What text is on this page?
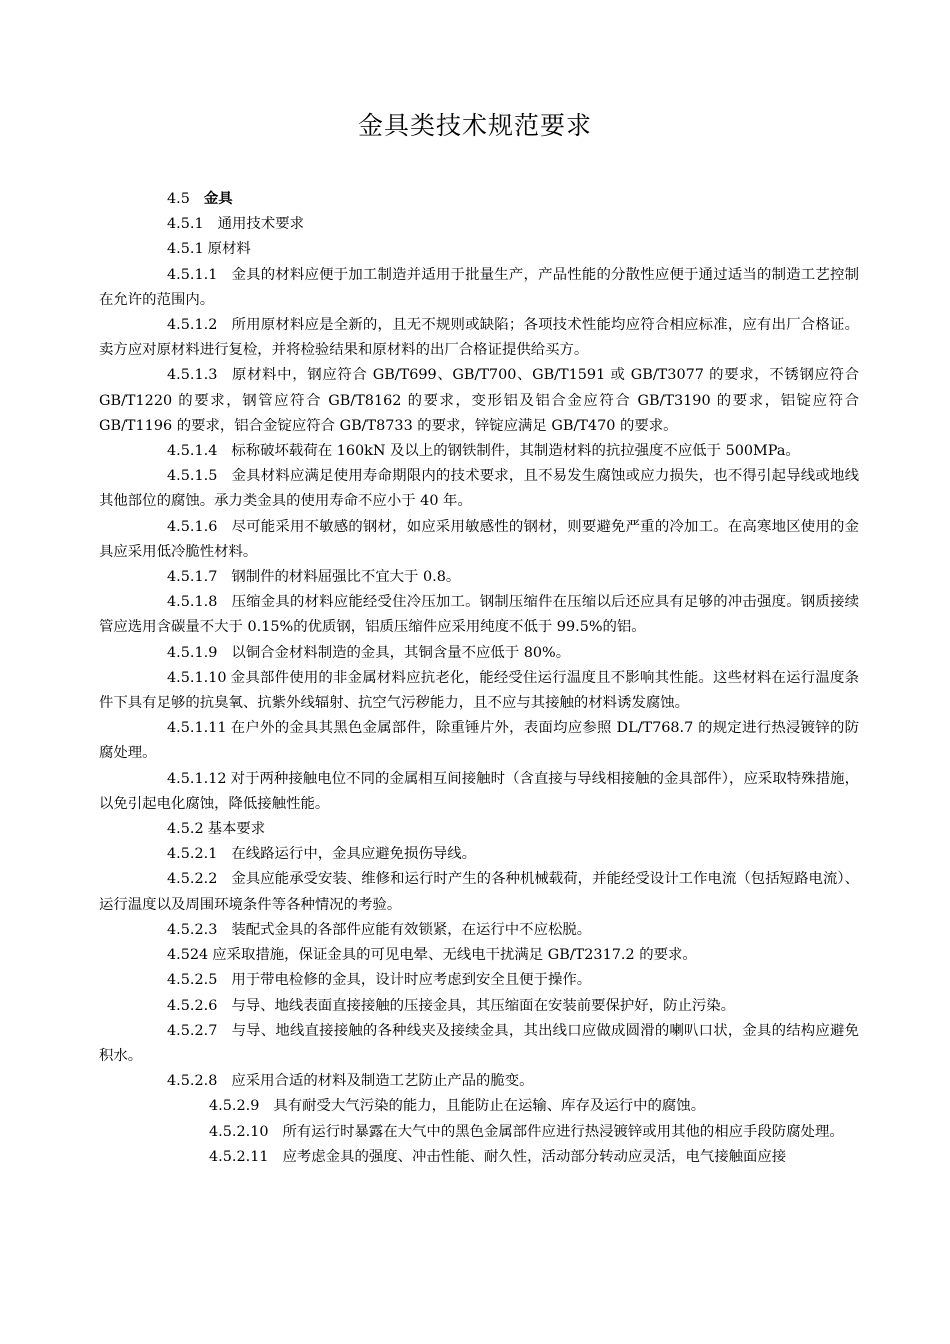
金具类技术规范要求

4.5 金具

4.5.1 通用技术要求

4.5.1 原材料

4.5.1.1 金具的材料应便于加工制造并适用于批量生产，产品性能的分散性应便于通过适当的制造工艺控制在允许的范围内。

4.5.1.2 所用原材料应是全新的，且无不规则或缺陷；各项技术性能均应符合相应标准，应有出厂合格证。卖方应对原材料进行复检，并将检验结果和原材料的出厂合格证提供给买方。

4.5.1.3 原材料中，钢应符合 GB/T699、GB/T700、GB/T1591 或 GB/T3077 的要求，不锈钢应符合 GB/T1220 的要求，钢管应符合 GB/T8162 的要求，变形铝及铝合金应符合 GB/T3190 的要求，铝锭应符合 GB/T1196 的要求，铝合金锭应符合 GB/T8733 的要求，锌锭应满足 GB/T470 的要求。

4.5.1.4 标称破坏载荷在 160kN 及以上的钢铁制件，其制造材料的抗拉强度不应低于 500MPa。

4.5.1.5 金具材料应满足使用寿命期限内的技术要求，且不易发生腐蚀或应力损失，也不得引起导线或地线其他部位的腐蚀。承力类金具的使用寿命不应小于 40 年。

4.5.1.6 尽可能采用不敏感的钢材，如应采用敏感性的钢材，则要避免严重的冷加工。在高寒地区使用的金具应采用低冷脆性材料。

4.5.1.7 钢制件的材料屈强比不宜大于 0.8。

4.5.1.8 压缩金具的材料应能经受住冷压加工。钢制压缩件在压缩以后还应具有足够的冲击强度。钢质接续管应选用含碳量不大于 0.15%的优质钢，铝质压缩件应采用纯度不低于 99.5%的铝。

4.5.1.9 以铜合金材料制造的金具，其铜含量不应低于 80%。

4.5.1.10 金具部件使用的非金属材料应抗老化，能经受住运行温度且不影响其性能。这些材料在运行温度条件下具有足够的抗臭氧、抗紫外线辐射、抗空气污秽能力，且不应与其接触的材料诱发腐蚀。

4.5.1.11 在户外的金具其黑色金属部件，除重锤片外，表面均应参照 DL/T768.7 的规定进行热浸镀锌的防腐处理。

4.5.1.12 对于两种接触电位不同的金属相互间接触时（含直接与导线相接触的金具部件），应采取特殊措施，以免引起电化腐蚀，降低接触性能。

4.5.2 基本要求

4.5.2.1 在线路运行中，金具应避免损伤导线。

4.5.2.2 金具应能承受安装、维修和运行时产生的各种机械载荷，并能经受设计工作电流（包括短路电流）、运行温度以及周围环境条件等各种情况的考验。

4.5.2.3 装配式金具的各部件应能有效锁紧，在运行中不应松脱。

4.524 应采取措施，保证金具的可见电晕、无线电干扰满足 GB/T2317.2 的要求。

4.5.2.5 用于带电检修的金具，设计时应考虑到安全且便于操作。

4.5.2.6 与导、地线表面直接接触的压接金具，其压缩面在安装前要保护好，防止污染。

4.5.2.7 与导、地线直接接触的各种线夹及接续金具，其出线口应做成圆滑的喇叭口状，金具的结构应避免积水。

4.5.2.8 应采用合适的材料及制造工艺防止产品的脆变。

4.5.2.9 具有耐受大气污染的能力，且能防止在运输、库存及运行中的腐蚀。

4.5.2.10 所有运行时暴露在大气中的黑色金属部件应进行热浸镀锌或用其他的相应手段防腐处理。

4.5.2.11 应考虑金具的强度、冲击性能、耐久性，活动部分转动应灵活，电气接触面应接
